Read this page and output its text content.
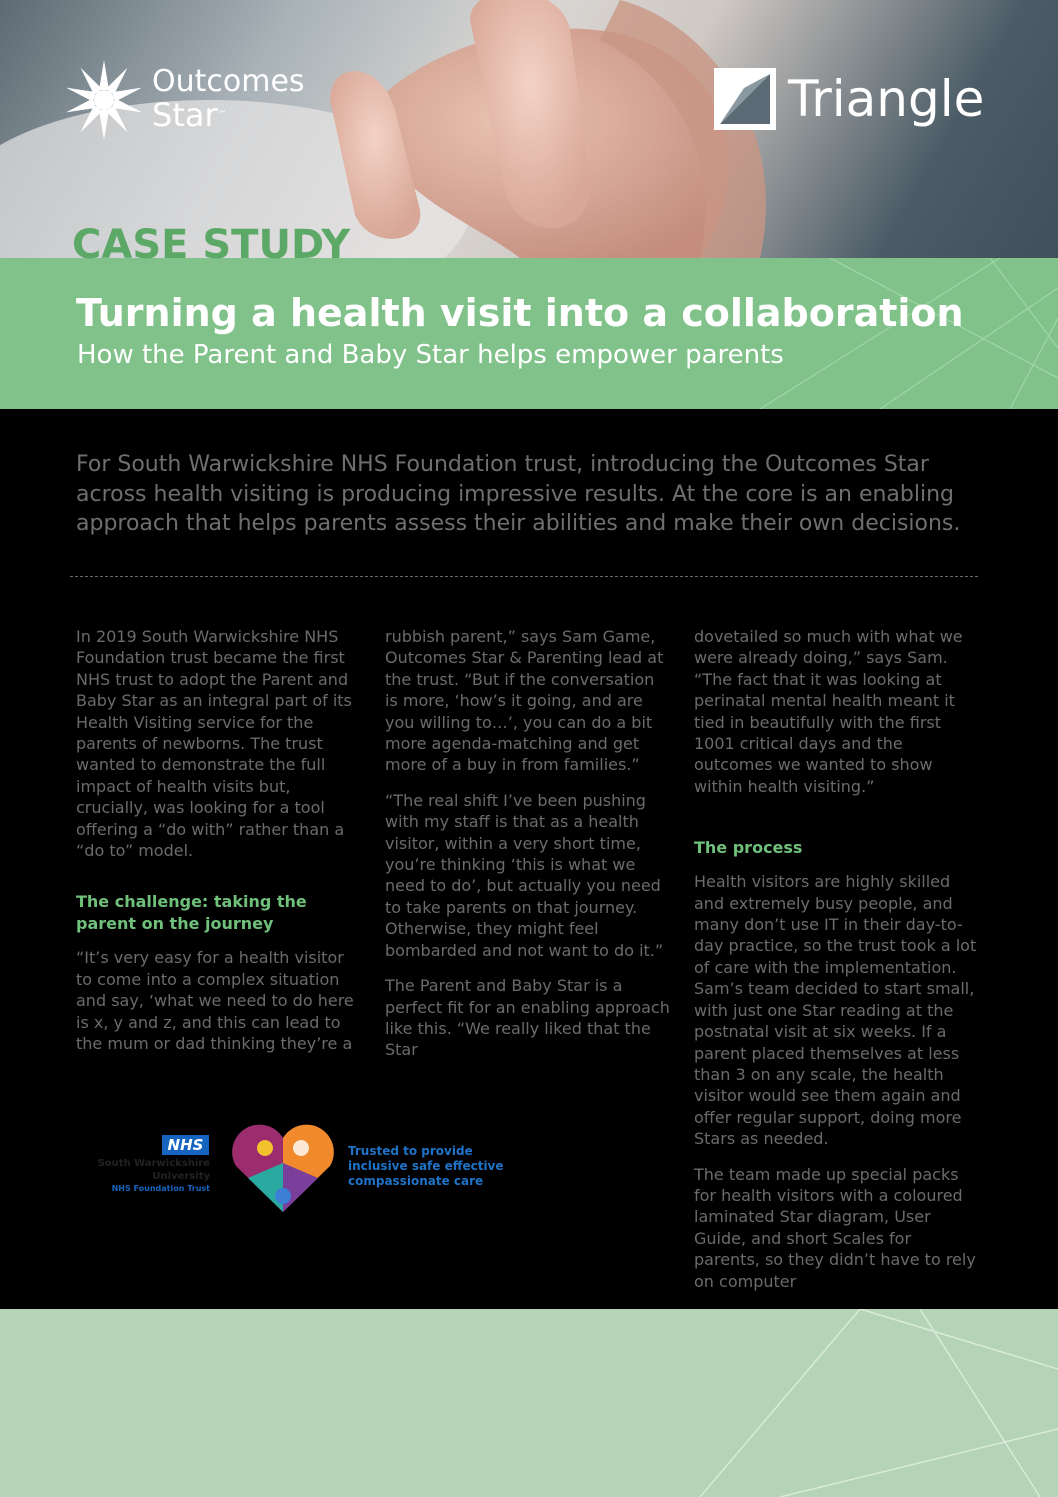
Outcomes
Star™	Triangle
CASE STUDY
Turning a health visit into a collaboration
How the Parent and Baby Star helps empower parents
For South Warwickshire NHS Foundation trust, introducing the Outcomes Star across health visiting is producing impressive results. At the core is an enabling approach that helps parents assess their abilities and make their own decisions.

In 2019 South Warwickshire NHS Foundation trust became the first NHS trust to adopt the Parent and Baby Star as an integral part of its Health Visiting service for the parents of newborns. The trust wanted to demonstrate the full impact of health visits but, crucially, was looking for a tool offering a “do with” rather than a “do to” model.

The challenge: taking the parent on the journey

“It’s very easy for a health visitor to come into a complex situation and say, ‘what we need to do here is x, y and z, and this can lead to the mum or dad thinking they’re a

rubbish parent,” says Sam Game, Outcomes Star & Parenting lead at the trust. “But if the conversation is more, ‘how’s it going, and are you willing to…’, you can do a bit more agenda-matching and get more of a buy in from families.”

“The real shift I’ve been pushing with my staff is that as a health visitor, within a very short time, you’re thinking ‘this is what we need to do’, but actually you need to take parents on that journey. Otherwise, they might feel bombarded and not want to do it.”

The Parent and Baby Star is a perfect fit for an enabling approach like this. “We really liked that the Star

dovetailed so much with what we were already doing,” says Sam. “The fact that it was looking at perinatal mental health meant it tied in beautifully with the first 1001 critical days and the outcomes we wanted to show within health visiting.”

The process

Health visitors are highly skilled and extremely busy people, and many don’t use IT in their day-to-day practice, so the trust took a lot of care with the implementation. Sam’s team decided to start small, with just one Star reading at the postnatal visit at six weeks. If a parent placed themselves at less than 3 on any scale, the health visitor would see them again and offer regular support, doing more Stars as needed.

The team made up special packs for health visitors with a coloured laminated Star diagram, User Guide, and short Scales for parents, so they didn’t have to rely on computer

NHS
South Warwickshire
University
NHS Foundation Trust
Trusted to provide
inclusive safe effective
compassionate care
